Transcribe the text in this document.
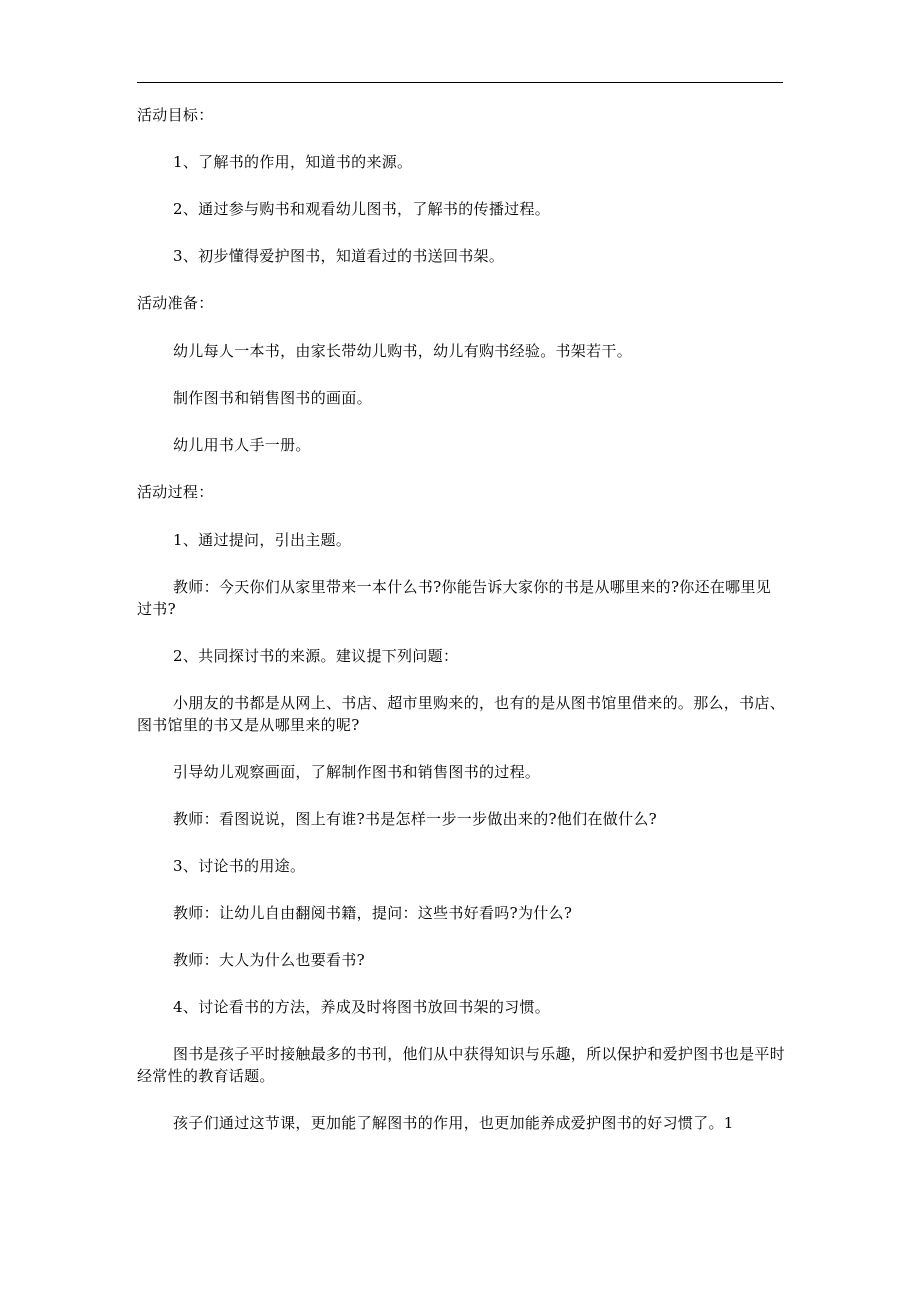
活动目标：

1、了解书的作用，知道书的来源。

2、通过参与购书和观看幼儿图书，了解书的传播过程。

3、初步懂得爱护图书，知道看过的书送回书架。

活动准备：

幼儿每人一本书，由家长带幼儿购书，幼儿有购书经验。书架若干。

制作图书和销售图书的画面。

幼儿用书人手一册。

活动过程：

1、通过提问，引出主题。

教师：今天你们从家里带来一本什么书?你能告诉大家你的书是从哪里来的?你还在哪里见过书?

2、共同探讨书的来源。建议提下列问题：

小朋友的书都是从网上、书店、超市里购来的，也有的是从图书馆里借来的。那么，书店、图书馆里的书又是从哪里来的呢?

引导幼儿观察画面，了解制作图书和销售图书的过程。

教师：看图说说，图上有谁?书是怎样一步一步做出来的?他们在做什么?

3、讨论书的用途。

教师：让幼儿自由翻阅书籍，提问：这些书好看吗?为什么?

教师：大人为什么也要看书?

4、讨论看书的方法，养成及时将图书放回书架的习惯。

图书是孩子平时接触最多的书刊，他们从中获得知识与乐趣，所以保护和爱护图书也是平时经常性的教育话题。

孩子们通过这节课，更加能了解图书的作用，也更加能养成爱护图书的好习惯了。1
